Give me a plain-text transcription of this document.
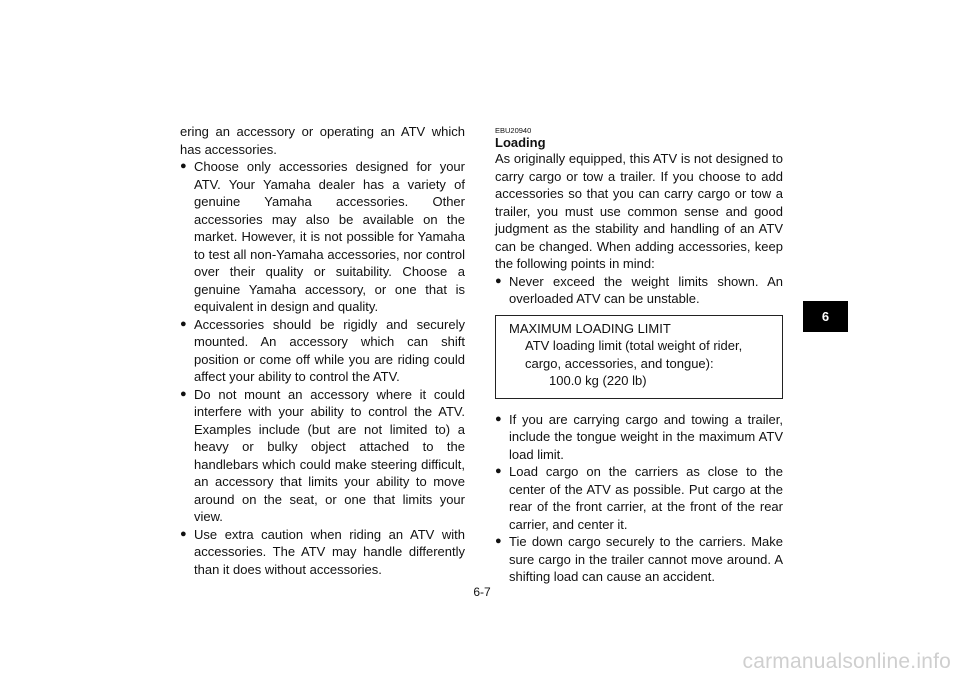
ering an accessory or operating an ATV which has accessories.

● Choose only accessories designed for your ATV. Your Yamaha dealer has a variety of genuine Yamaha accessories. Other accessories may also be available on the market. However, it is not possible for Yamaha to test all non-Yamaha accessories, nor control over their quality or suitability. Choose a genuine Yamaha accessory, or one that is equivalent in design and quality.
● Accessories should be rigidly and securely mounted. An accessory which can shift position or come off while you are riding could affect your ability to control the ATV.
● Do not mount an accessory where it could interfere with your ability to control the ATV. Examples include (but are not limited to) a heavy or bulky object attached to the handlebars which could make steering difficult, an accessory that limits your ability to move around on the seat, or one that limits your view.
● Use extra caution when riding an ATV with accessories. The ATV may handle differently than it does without accessories.
EBU20940
Loading

As originally equipped, this ATV is not designed to carry cargo or tow a trailer. If you choose to add accessories so that you can carry cargo or tow a trailer, you must use common sense and good judgment as the stability and handling of an ATV can be changed. When adding accessories, keep the following points in mind:

● Never exceed the weight limits shown. An overloaded ATV can be unstable.
MAXIMUM LOADING LIMIT
ATV loading limit (total weight of rider, cargo, accessories, and tongue):
100.0 kg (220 lb)
● If you are carrying cargo and towing a trailer, include the tongue weight in the maximum ATV load limit.
● Load cargo on the carriers as close to the center of the ATV as possible. Put cargo at the rear of the front carrier, at the front of the rear carrier, and center it.
● Tie down cargo securely to the carriers. Make sure cargo in the trailer cannot move around. A shifting load can cause an accident.
6
6-7
carmanualsonline.info
